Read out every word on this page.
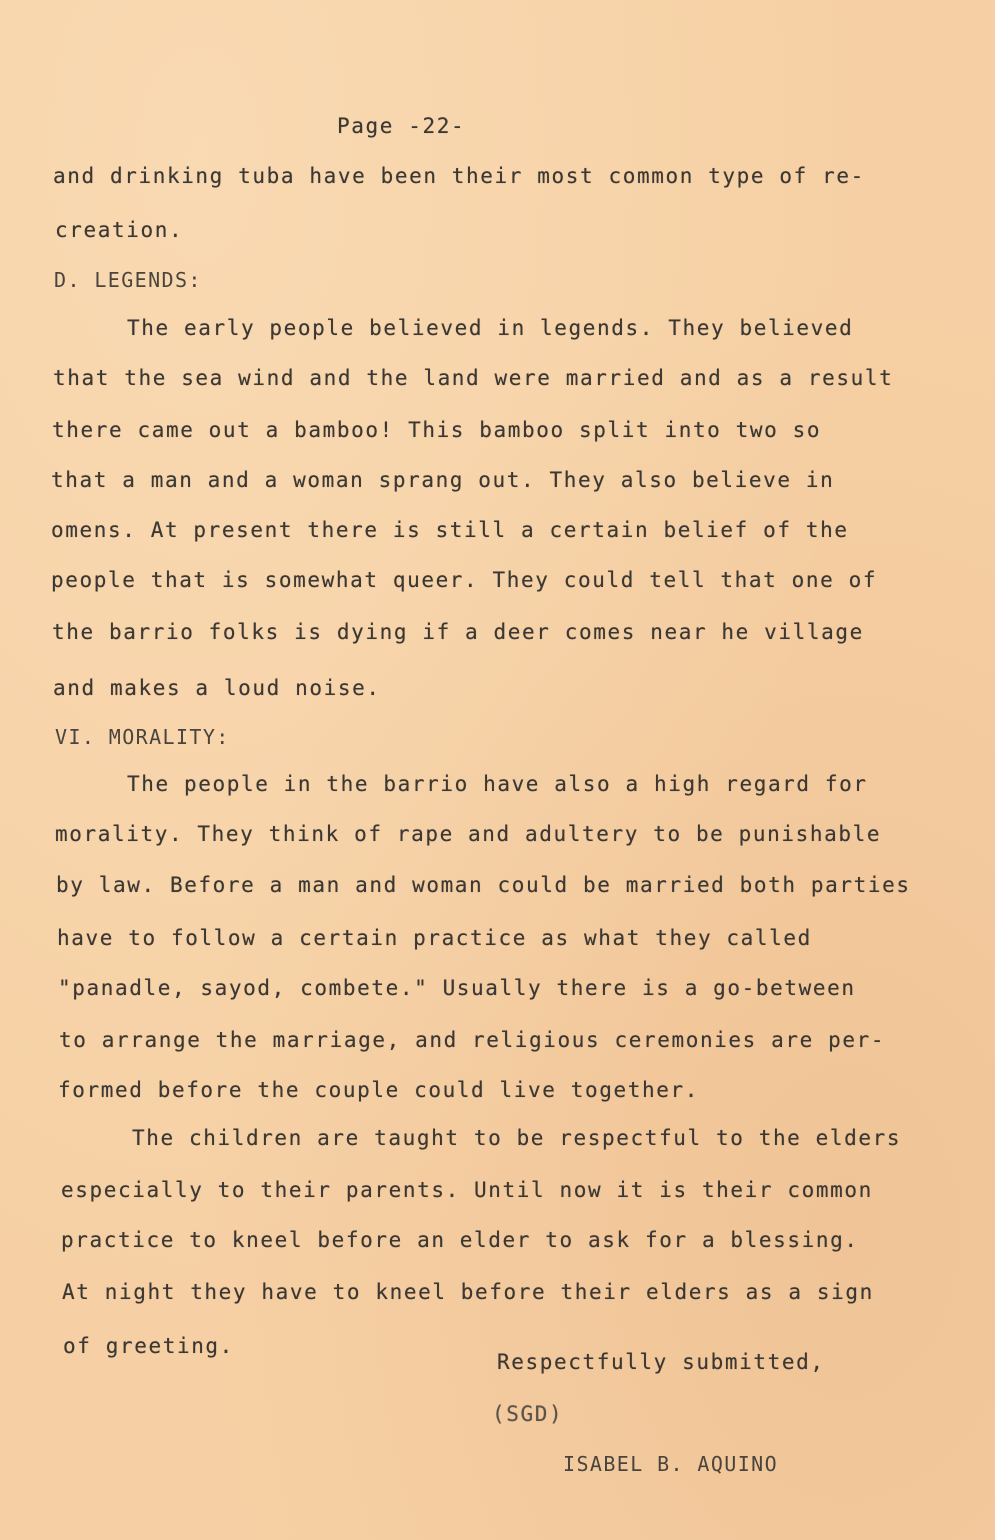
Page -22-
and drinking tuba have been their most common type of re-
creation.
D. LEGENDS:
The early people believed in legends. They believed
that the sea wind and the land were married and as a result
there came out a bamboo! This bamboo split into two so
that a man and a woman sprang out. They also believe in
omens. At present there is still a certain belief of the
people that is somewhat queer. They could tell that one of
the barrio folks is dying if a deer comes near he village
and makes a loud noise.
VI. MORALITY:
The people in the barrio have also a high regard for
morality. They think of rape and adultery to be punishable
by law. Before a man and woman could be married both parties
have to follow a certain practice as what they called
"panadle, sayod, combete." Usually there is a go-between
to arrange the marriage, and religious ceremonies are per-
formed before the couple could live together.
The children are taught to be respectful to the elders
especially to their parents. Until now it is their common
practice to kneel before an elder to ask for a blessing.
At night they have to kneel before their elders as a sign
of greeting.
Respectfully submitted,
(SGD)
ISABEL B. AQUINO
